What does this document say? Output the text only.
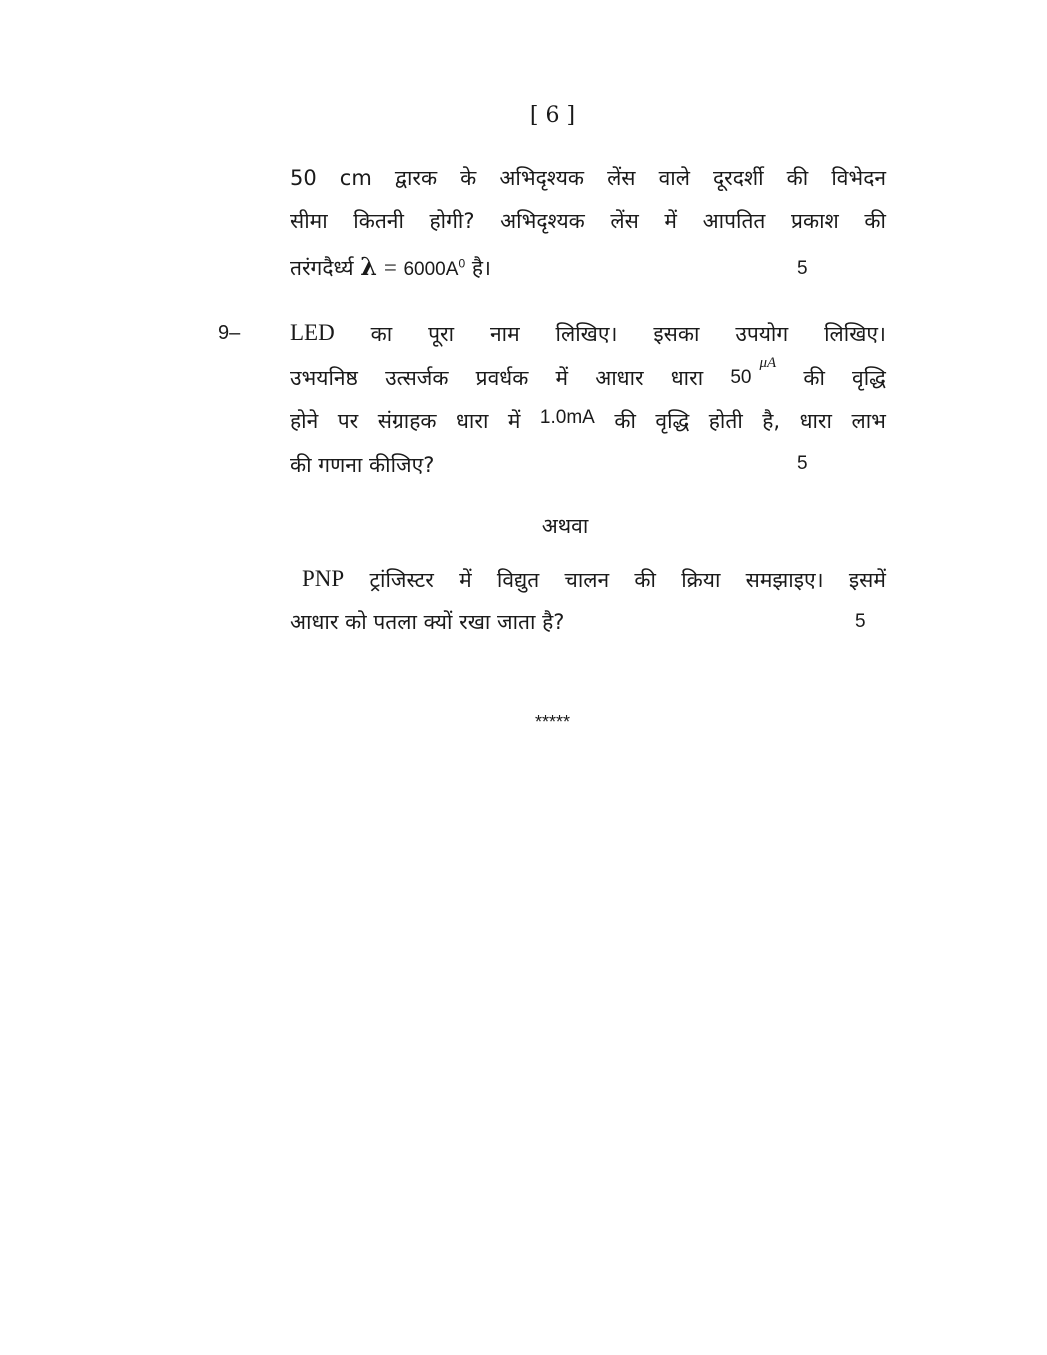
[ 6 ]
50 cm द्वारक के अभिदृश्यक लेंस वाले दूरदर्शी की विभेदन
सीमा कितनी होगी? अभिदृश्यक लेंस में आपतित प्रकाश की
तरंगदैर्ध्य $\lambda = 6000A^0$ है।	5
9– LED का पूरा नाम लिखिए। इसका उपयोग लिखिए।
उभयनिष्ठ उत्सर्जक प्रवर्धक में आधार धारा 50μA
की वृद्धि
होने पर संग्राहक धारा में 1.0mA की वृद्धि होती है, धारा लाभ
की गणना कीजिए?	5
अथवा
PNP ट्रांजिस्टर में विद्युत चालन की क्रिया समझाइए। इसमें
आधार को पतला क्यों रखा जाता है?	5
*****
